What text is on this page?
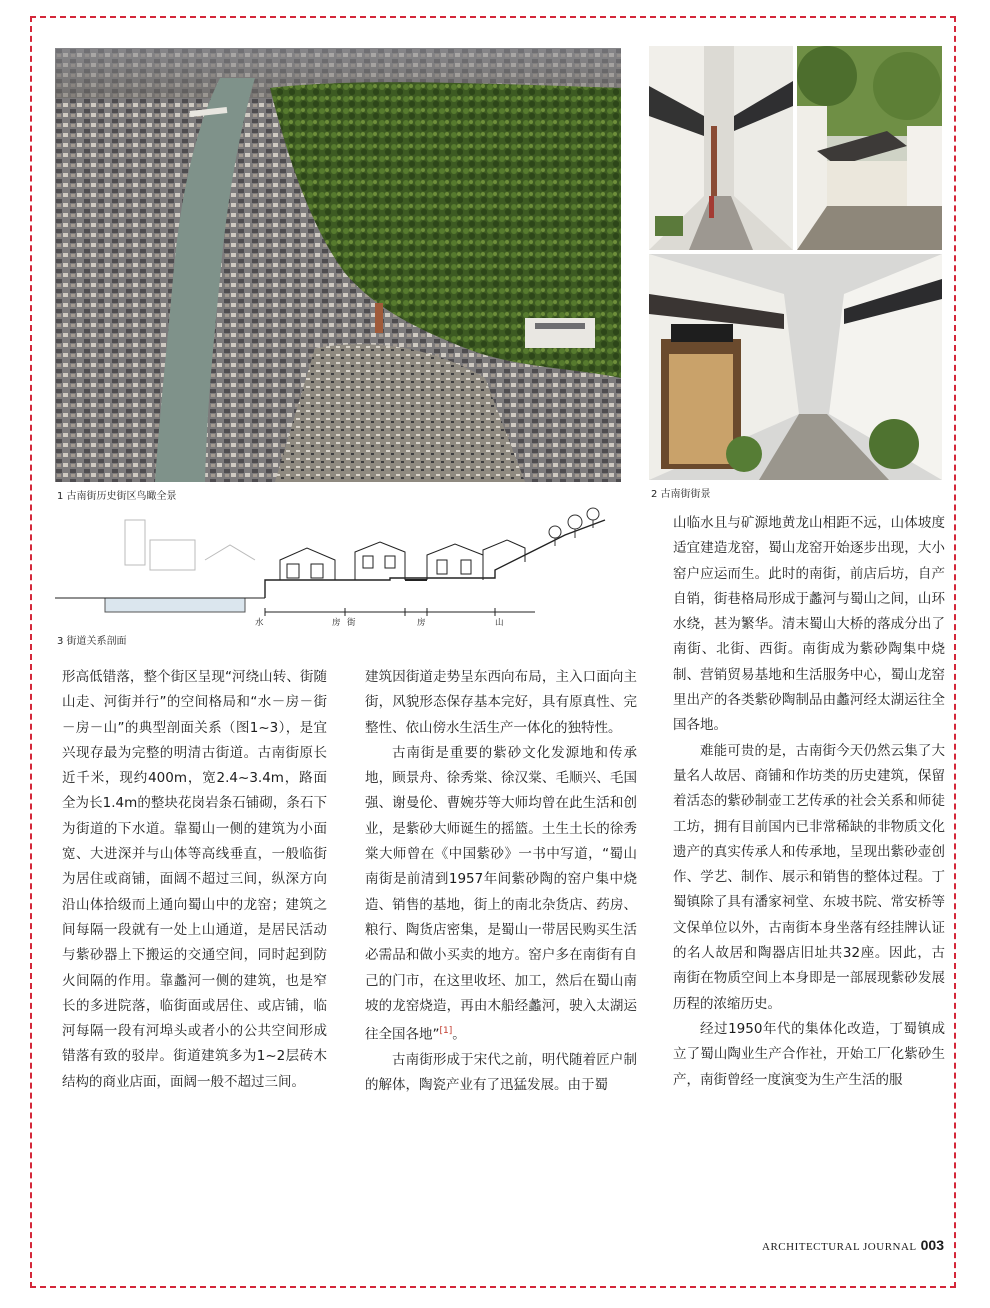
1 古南街历史街区鸟瞰全景	2 古南街街景
水	房 街	房	山
3 街道关系剖面

形高低错落，整个街区呈现“河绕山转、街随山走、河街并行”的空间格局和“水－房－街－房－山”的典型剖面关系（图1~3），是宜兴现存最为完整的明清古街道。古南街原长近千米，现约400m，宽2.4~3.4m，路面全为长1.4m的整块花岗岩条石铺砌，条石下为街道的下水道。靠蜀山一侧的建筑为小面宽、大进深并与山体等高线垂直，一般临街为居住或商铺，面阔不超过三间，纵深方向沿山体拾级而上通向蜀山中的龙窑；建筑之间每隔一段就有一处上山通道，是居民活动与紫砂器上下搬运的交通空间，同时起到防火间隔的作用。靠蠡河一侧的建筑，也是窄长的多进院落，临街面或居住、或店铺，临河每隔一段有河埠头或者小的公共空间形成错落有致的驳岸。街道建筑多为1~2层砖木结构的商业店面，面阔一般不超过三间。

建筑因街道走势呈东西向布局，主入口面向主街，风貌形态保存基本完好，具有原真性、完整性、依山傍水生活生产一体化的独特性。

古南街是重要的紫砂文化发源地和传承地，顾景舟、徐秀棠、徐汉棠、毛顺兴、毛国强、谢曼伦、曹婉芬等大师均曾在此生活和创业，是紫砂大师诞生的摇篮。土生土长的徐秀棠大师曾在《中国紫砂》一书中写道，“蜀山南街是前清到1957年间紫砂陶的窑户集中烧造、销售的基地，街上的南北杂货店、药房、粮行、陶货店密集，是蜀山一带居民购买生活必需品和做小买卖的地方。窑户多在南街有自己的门市，在这里收坯、加工，然后在蜀山南坡的龙窑烧造，再由木船经蠡河，驶入太湖运往全国各地”[1]。

古南街形成于宋代之前，明代随着匠户制的解体，陶瓷产业有了迅猛发展。由于蜀

山临水且与矿源地黄龙山相距不远，山体坡度适宜建造龙窑，蜀山龙窑开始逐步出现，大小窑户应运而生。此时的南街，前店后坊，自产自销，街巷格局形成于蠡河与蜀山之间，山环水绕，甚为繁华。清末蜀山大桥的落成分出了南街、北街、西街。南街成为紫砂陶集中烧制、营销贸易基地和生活服务中心，蜀山龙窑里出产的各类紫砂陶制品由蠡河经太湖运往全国各地。

难能可贵的是，古南街今天仍然云集了大量名人故居、商铺和作坊类的历史建筑，保留着活态的紫砂制壶工艺传承的社会关系和师徒工坊，拥有目前国内已非常稀缺的非物质文化遗产的真实传承人和传承地，呈现出紫砂壶创作、学艺、制作、展示和销售的整体过程。丁蜀镇除了具有潘家祠堂、东坡书院、常安桥等文保单位以外，古南街本身坐落有经挂牌认证的名人故居和陶器店旧址共32座。因此，古南街在物质空间上本身即是一部展现紫砂发展历程的浓缩历史。

经过1950年代的集体化改造，丁蜀镇成立了蜀山陶业生产合作社，开始工厂化紫砂生产，南街曾经一度演变为生产生活的服

ARCHITECTURAL JOURNAL 003
